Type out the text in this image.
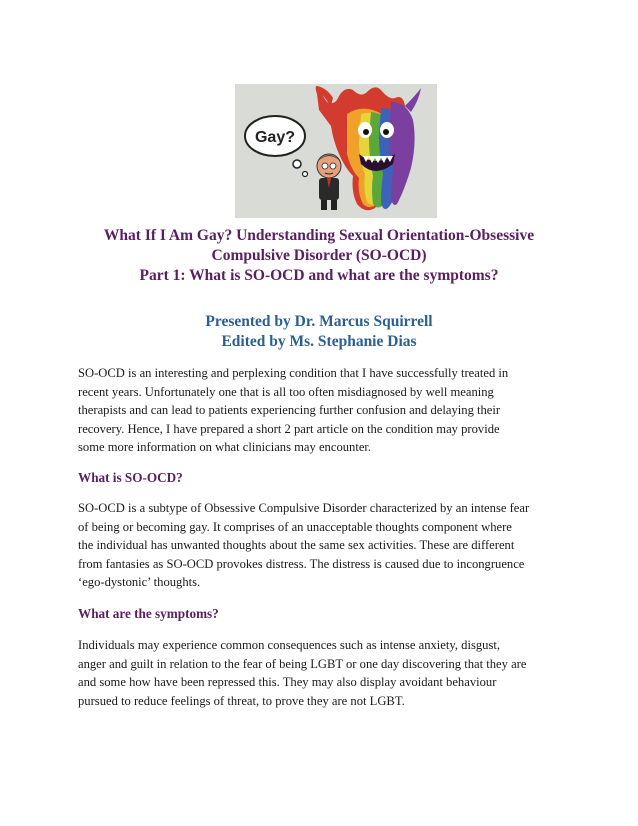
Gay?
What If I Am Gay? Understanding Sexual Orientation-Obsessive
Compulsive Disorder (SO-OCD)
Part 1: What is SO-OCD and what are the symptoms?
Presented by Dr. Marcus Squirrell
Edited by Ms. Stephanie Dias
SO-OCD is an interesting and perplexing condition that I have successfully treated in
recent years. Unfortunately one that is all too often misdiagnosed by well meaning
therapists and can lead to patients experiencing further confusion and delaying their
recovery. Hence, I have prepared a short 2 part article on the condition may provide
some more information on what clinicians may encounter.
What is SO-OCD?
SO-OCD is a subtype of Obsessive Compulsive Disorder characterized by an intense fear
of being or becoming gay. It comprises of an unacceptable thoughts component where
the individual has unwanted thoughts about the same sex activities. These are different
from fantasies as SO-OCD provokes distress. The distress is caused due to incongruence
‘ego-dystonic’ thoughts.
What are the symptoms?
Individuals may experience common consequences such as intense anxiety, disgust,
anger and guilt in relation to the fear of being LGBT or one day discovering that they are
and some how have been repressed this. They may also display avoidant behaviour
pursued to reduce feelings of threat, to prove they are not LGBT.
